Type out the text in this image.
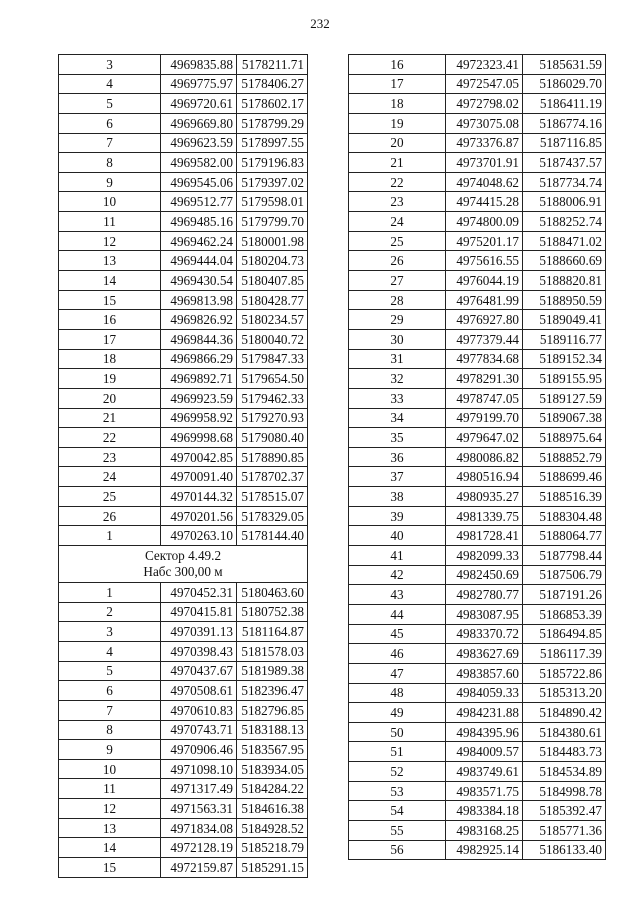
232
3	4969835.88	5178211.71
4	4969775.97	5178406.27
5	4969720.61	5178602.17
6	4969669.80	5178799.29
7	4969623.59	5178997.55
8	4969582.00	5179196.83
9	4969545.06	5179397.02
10	4969512.77	5179598.01
11	4969485.16	5179799.70
12	4969462.24	5180001.98
13	4969444.04	5180204.73
14	4969430.54	5180407.85
15	4969813.98	5180428.77
16	4969826.92	5180234.57
17	4969844.36	5180040.72
18	4969866.29	5179847.33
19	4969892.71	5179654.50
20	4969923.59	5179462.33
21	4969958.92	5179270.93
22	4969998.68	5179080.40
23	4970042.85	5178890.85
24	4970091.40	5178702.37
25	4970144.32	5178515.07
26	4970201.56	5178329.05
1	4970263.10	5178144.40

Сектор 4.49.2
Набс 300,00 м		

1	4970452.31	5180463.60
2	4970415.81	5180752.38
3	4970391.13	5181164.87
4	4970398.43	5181578.03
5	4970437.67	5181989.38
6	4970508.61	5182396.47
7	4970610.83	5182796.85
8	4970743.71	5183188.13
9	4970906.46	5183567.95
10	4971098.10	5183934.05
11	4971317.49	5184284.22
12	4971563.31	5184616.38
13	4971834.08	5184928.52
14	4972128.19	5185218.79
15	4972159.87	5185291.15
16	4972323.41	5185631.59
17	4972547.05	5186029.70
18	4972798.02	5186411.19
19	4973075.08	5186774.16
20	4973376.87	5187116.85
21	4973701.91	5187437.57
22	4974048.62	5187734.74
23	4974415.28	5188006.91
24	4974800.09	5188252.74
25	4975201.17	5188471.02
26	4975616.55	5188660.69
27	4976044.19	5188820.81
28	4976481.99	5188950.59
29	4976927.80	5189049.41
30	4977379.44	5189116.77
31	4977834.68	5189152.34
32	4978291.30	5189155.95
33	4978747.05	5189127.59
34	4979199.70	5189067.38
35	4979647.02	5188975.64
36	4980086.82	5188852.79
37	4980516.94	5188699.46
38	4980935.27	5188516.39
39	4981339.75	5188304.48
40	4981728.41	5188064.77
41	4982099.33	5187798.44
42	4982450.69	5187506.79
43	4982780.77	5187191.26
44	4983087.95	5186853.39
45	4983370.72	5186494.85
46	4983627.69	5186117.39
47	4983857.60	5185722.86
48	4984059.33	5185313.20
49	4984231.88	5184890.42
50	4984395.96	5184380.61
51	4984009.57	5184483.73
52	4983749.61	5184534.89
53	4983571.75	5184998.78
54	4983384.18	5185392.47
55	4983168.25	5185771.36
56	4982925.14	5186133.40
